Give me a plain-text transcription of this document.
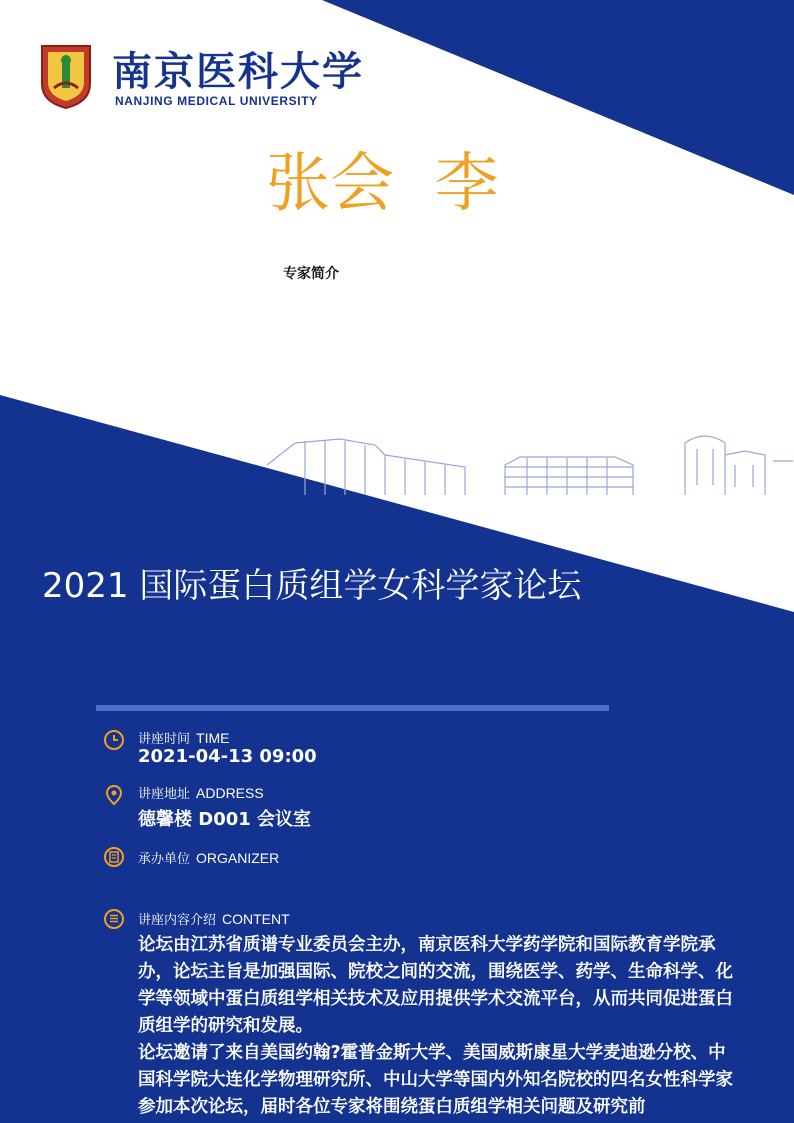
南京医科大学
NANJING MEDICAL UNIVERSITY
张会  李
专家简介
2021 国际蛋白质组学女科学家论坛
讲座时间 TIME
2021-04-13 09:00
讲座地址 ADDRESS
德馨楼 D001 会议室
承办单位 ORGANIZER
讲座内容介绍 CONTENT

论坛由江苏省质谱专业委员会主办，南京医科大学药学院和国际教育学院承办，论坛主旨是加强国际、院校之间的交流，围绕医学、药学、生命科学、化学等领域中蛋白质组学相关技术及应用提供学术交流平台，从而共同促进蛋白质组学的研究和发展。

论坛邀请了来自美国约翰?霍普金斯大学、美国威斯康星大学麦迪逊分校、中国科学院大连化学物理研究所、中山大学等国内外知名院校的四名女性科学家参加本次论坛，届时各位专家将围绕蛋白质组学相关问题及研究前
